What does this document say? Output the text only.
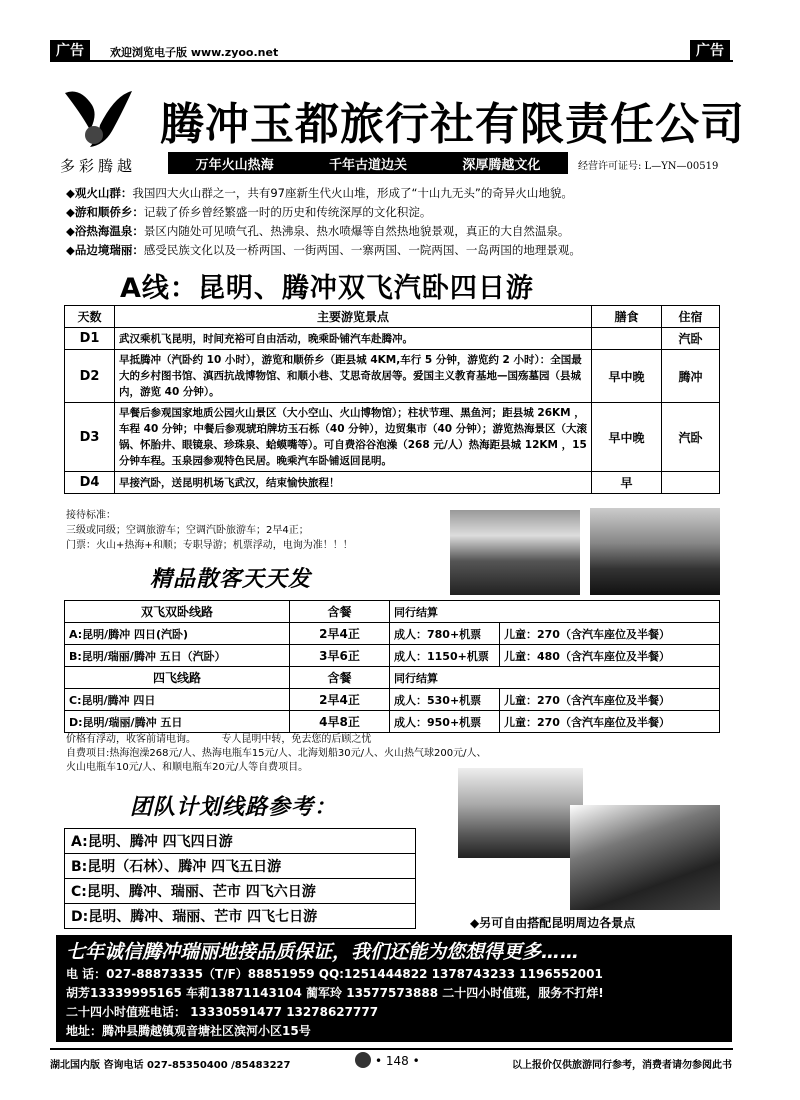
广告	欢迎浏览电子版 www.zyoo.net	广告
腾冲玉都旅行社有限责任公司
多彩腾越	万年火山热海	千年古道边关	深厚腾越文化	经营许可证号: L—YN—00519
◆观火山群：我国四大火山群之一，共有97座新生代火山堆，形成了“十山九无头”的奇异火山地貌。
◆游和顺侨乡：记载了侨乡曾经繁盛一时的历史和传统深厚的文化积淀。
◆浴热海温泉：景区内随处可见喷气孔、热沸泉、热水喷爆等自然热地貌景观，真正的大自然温泉。
◆品边境瑞丽：感受民族文化以及一桥两国、一街两国、一寨两国、一院两国、一岛两国的地理景观。
A线：昆明、腾冲双飞汽卧四日游
天数	主要游览景点	膳食	住宿
D1	武汉乘机飞昆明，时间充裕可自由活动，晚乘卧铺汽车赴腾冲。		汽卧
D2	早抵腾冲（汽卧约 10 小时），游览和顺侨乡（距县城 4KM,车行 5 分钟，游览约 2 小时）：全国最大的乡村图书馆、滇西抗战博物馆、和顺小巷、艾思奇故居等。爱国主义教育基地—国殇墓园（县城内，游览 40 分钟）。	早中晚	腾冲
D3	早餐后参观国家地质公园火山景区（大小空山、火山博物馆）；柱状节理、黑鱼河；距县城 26KM ，车程 40 分钟；中餐后参观琥珀牌坊玉石栎（40 分钟），边贸集市（40 分钟）；游览热海景区（大滚锅、怀胎井、眼镜泉、珍珠泉、蛤蟆嘴等）。可自费浴谷泡澡（268 元/人）热海距县城 12KM ，15 分钟车程。玉泉园参观特色民居。晚乘汽车卧铺返回昆明。	早中晚	汽卧
D4	早接汽卧，送昆明机场飞武汉，结束愉快旅程！	早	
接待标准：
三级或同级；空调旅游车；空调汽卧旅游车；2早4正；
门票：火山+热海+和顺；专职导游；机票浮动，电询为准！！！
精品散客天天发
双飞双卧线路	含餐	同行结算	
A:昆明/腾冲 四日(汽卧)	2早4正	成人：780+机票	儿童：270（含汽车座位及半餐）
B:昆明/瑞丽/腾冲 五日（汽卧）	3早6正	成人：1150+机票	儿童：480（含汽车座位及半餐）
四飞线路	含餐	同行结算	
C:昆明/腾冲 四日	2早4正	成人：530+机票	儿童：270（含汽车座位及半餐）
D:昆明/瑞丽/腾冲 五日	4早8正	成人：950+机票	儿童：270（含汽车座位及半餐）
价格有浮动，收客前请电询。        专人昆明中转，免去您的后顾之忧
自费项目:热海泡澡268元/人、热海电瓶车15元/人、北海划船30元/人、火山热气球200元/人、
火山电瓶车10元/人、和顺电瓶车20元/人等自费项目。
团队计划线路参考：
A:昆明、腾冲 四飞四日游
B:昆明（石林）、腾冲 四飞五日游
C:昆明、腾冲、瑞丽、芒市 四飞六日游
D:昆明、腾冲、瑞丽、芒市 四飞七日游	◆另可自由搭配昆明周边各景点
七年诚信腾冲瑞丽地接品质保证，我们还能为您想得更多……
电 话：027-88873335（T/F）88851959 QQ:1251444822 1378743233 1196552001
胡芳13339995165 车莉13871143104 蔺军玲 13577573888 二十四小时值班，服务不打烊!
二十四小时值班电话： 13330591477 13278627777
地址：腾冲县腾越镇观音塘社区滨河小区15号
湖北国内版 咨询电话 027-85350400 /85483227	• 148 •	以上报价仅供旅游同行参考，消费者请勿参阅此书
